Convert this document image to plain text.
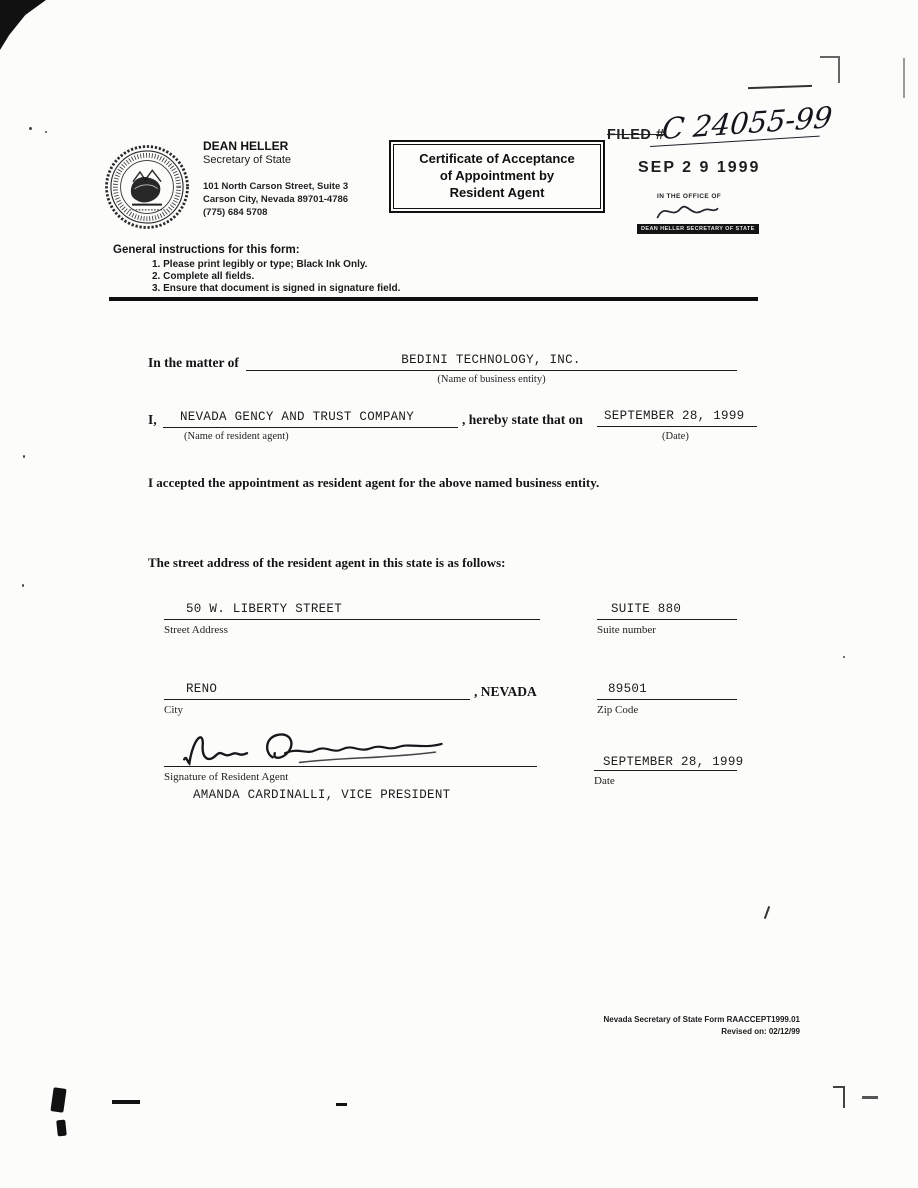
DEAN HELLER
Secretary of State
101 North Carson Street, Suite 3
Carson City, Nevada 89701-4786
(775) 684 5708
Certificate of Acceptance
of Appointment by
Resident Agent
FILED #
C 24055-99
SEP 2 9 1999
IN THE OFFICE OF
DEAN HELLER SECRETARY OF STATE
General instructions for this form:
1. Please print legibly or type; Black Ink Only.
2. Complete all fields.
3. Ensure that document is signed in signature field.
In the matter of	BEDINI TECHNOLOGY, INC.
(Name of business entity)
I, NEVADA GENCY AND TRUST COMPANY	, hereby state that on SEPTEMBER 28, 1999
(Name of resident agent)	(Date)
I accepted the appointment as resident agent for the above named business entity.
The street address of the resident agent in this state is as follows:
50 W. LIBERTY STREET
Street Address
SUITE 880
Suite number
RENO	, NEVADA
City
89501
Zip Code
Signature of Resident Agent
SEPTEMBER 28, 1999
Date
AMANDA CARDINALLI, VICE PRESIDENT
Nevada Secretary of State Form RAACCEPT1999.01
Revised on: 02/12/99
